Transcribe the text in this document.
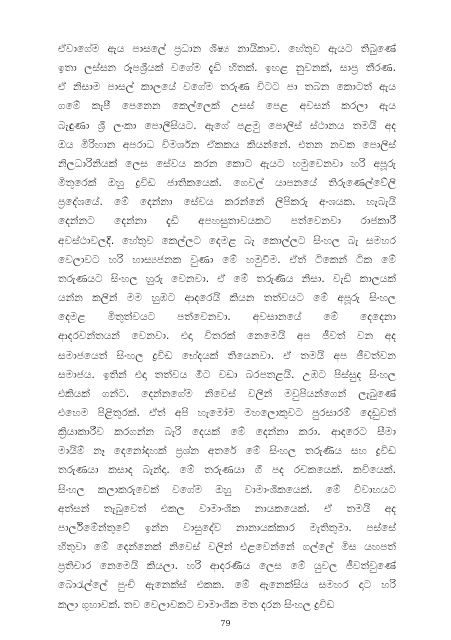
ඒවාගේම ඇය පාසලේ ප්‍රධාන ශිෂ්‍ය නායිකාව. හේතුව ඇයට තිබුණේ
ඉතා ලස්සන රූපශ්‍රීයක් වගේම දැඩි හිතක්. ඉහළ නුවනක්, සාප්‍ර තීරණ.
ඒ නිසාම පාසල් කාලයේ වගේම තරුණ විටට පා තබන කොටත් ඇය
ගමේ කැපී පෙනෙන කෙල්ලෙක් උසස් පෙළ අවසන් කරලා ඇය
බැඳුණා ශ්‍රී ලංකා පොලීසියට. ඇගේ පළමු පොලිස් ස්ථානය තමයි අද
ඔය මිරිහාන අපරාධ විමර්ශන ඒකකය කියන්නේ. එතන නවක පොලිස්
නිලධාරිනියක් ලෙස සේවය කරන කොට ඇයට හමුවෙනවා හරි අපූරු
මිතුරෙක් ඔහු ද්‍රවිඩ ජාතිකයෙක්. ගෙවල් යාපනයේ තිරුණෙල්වේලි
ප්‍රදේශයේ. මේ දෙන්නා සේවය කරන්නේ ලිපිකරු අංශයක. හැබැයි
දෙන්නට දෙන්නා දැඩි අපහසුතාවයකට පත්වෙනවා රාජකාරී
අවස්ථාවලදී. හේතුව කෙල්ලට දෙමළ බැ කොල්ලට සිංහල බැ සමහර
වෙලාවට හරි හාස්‍යජනක වුණා මේ හමුවීම. ඒත් ටිකෙන් ටික මේ
තරුණයට සිංහල හුරු වෙනවා. ඒ මේ තරුණිය නිසා. වැඩි කාලයක්
යන්න කලින් මම හුඹට ආදරෙයි කියන තත්වයට මේ අපූරු සිංහල
දෙමළ මිතුත්වයට පත්වෙනවා. අවසානයේ මේ දෙදෙනා
ආදරවන්තයන් වෙනවා. එදා විතරක් නෙමෙයි අප ජීවත් වන අද
සමාජයෙත් සිංහල ද්‍රවිඩ භේදයක් තියෙනවා. ඒ තමයි අප ජීවත්වන
සමාජය. ඉතින් එදා තත්වය මීට වඩා බරපතළයි. උඹට පිස්සුද සිංහල
එකියක් ගන්ට. දෙන්නගේම නිවෙස් වලින් මවුපියන්ගෙන් ලැබුණේ
එහෙම පිළිතුරක්. ඒත් අපි හැමෝම මහලොකුවට පුරසාරම් දෙඩුවත්
ක්‍රියාකාරීව කරගන්න බැරි දෙයක් මේ දෙන්නා කරා. ආදරෙට සීමා
මායිම් නෑ දෙනෝදහක් ප්‍රශ්න අතරේ මේ සිංහල තරුණිය සහ ද්‍රවිඩ
තරුණයා කසාද බැන්දා. මේ තරුණයා ගී පද රචකයෙක්. කවියෙක්.
සිංහල කලාකරුවෙක් වගේම ඔහු වාමාංශිකයෙක්. මේ විවාහයට
අත්සන් තැබුවෙත් එකල වාමාංශික නායකයෙක්. ඒ තමයි අද
පාර්ලිමේන්තුවේ ඉන්න වාසුදේව නානායක්කාර මැතිතුමා. පස්සේ
හිතුවා මේ දෙන්නෙක් නිවෙස් වලින් එළවෙන්නේ ගල්ලේ මිස යහපත්
ප්‍රතිචාර නෙමෙයි කියලා. හරි ආදරණීය ලෙස මේ යුවල ජීවත්වුණේ
බොරැල්ලේ පුංචි ඇනෙක්ස් එකක. මේ ඇනෙක්සිය සමහර දාට හරි
කලා ගුහාවක්. තව වෙලාවකට වාමාංශික මත දරන සිංහල ද්‍රවිඩ
79
